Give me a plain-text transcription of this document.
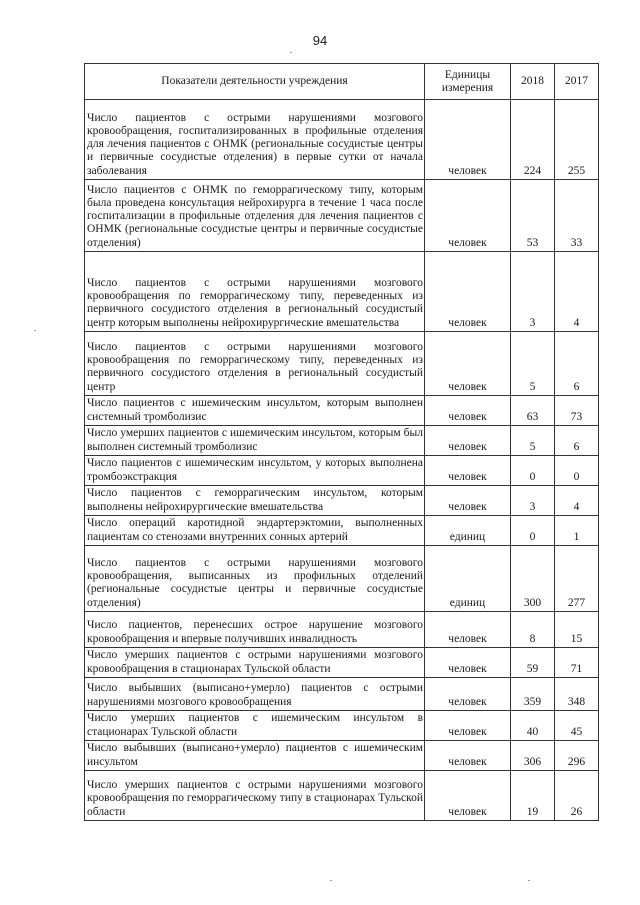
94
Показатели деятельности учреждения	Единицы измерения	2018	2017
Число пациентов с острыми нарушениями мозгового кровообращения, госпитализированных в профильные отделения для лечения пациентов с ОНМК (региональные сосудистые центры и первичные сосудистые отделения) в первые сутки от начала заболевания	человек	224	255
Число пациентов с ОНМК по геморрагическому типу, которым была проведена консультация нейрохирурга в течение 1 часа после госпитализации в профильные отделения для лечения пациентов с ОНМК (региональные сосудистые центры и первичные сосудистые отделения)	человек	53	33
Число пациентов с острыми нарушениями мозгового кровообращения по геморрагическому типу, переведенных из первичного сосудистого отделения в региональный сосудистый центр которым выполнены нейрохирургические вмешательства	человек	3	4
Число пациентов с острыми нарушениями мозгового кровообращения по геморрагическому типу, переведенных из первичного сосудистого отделения в региональный сосудистый центр	человек	5	6
Число пациентов с ишемическим инсультом, которым выполнен системный тромболизис	человек	63	73
Число умерших пациентов с ишемическим инсультом, которым был выполнен системный тромболизис	человек	5	6
Число пациентов с ишемическим инсультом, у которых выполнена тромбоэкстракция	человек	0	0
Число пациентов с геморрагическим инсультом, которым выполнены нейрохирургические вмешательства	человек	3	4
Число операций каротидной эндартерэктомии, выполненных пациентам со стенозами внутренних сонных артерий	единиц	0	1
Число пациентов с острыми нарушениями мозгового кровообращения, выписанных из профильных отделений (региональные сосудистые центры и первичные сосудистые отделения)	единиц	300	277
Число пациентов, перенесших острое нарушение мозгового кровообращения и впервые получивших инвалидность	человек	8	15
Число умерших пациентов с острыми нарушениями мозгового кровообращения в стационарах Тульской области	человек	59	71
Число выбывших (выписано+умерло) пациентов с острыми нарушениями мозгового кровообращения	человек	359	348
Число умерших пациентов с ишемическим инсультом в стационарах Тульской области	человек	40	45
Число выбывших (выписано+умерло) пациентов с ишемическим инсультом	человек	306	296
Число умерших пациентов с острыми нарушениями мозгового кровообращения по геморрагическому типу в стационарах Тульской области	человек	19	26
